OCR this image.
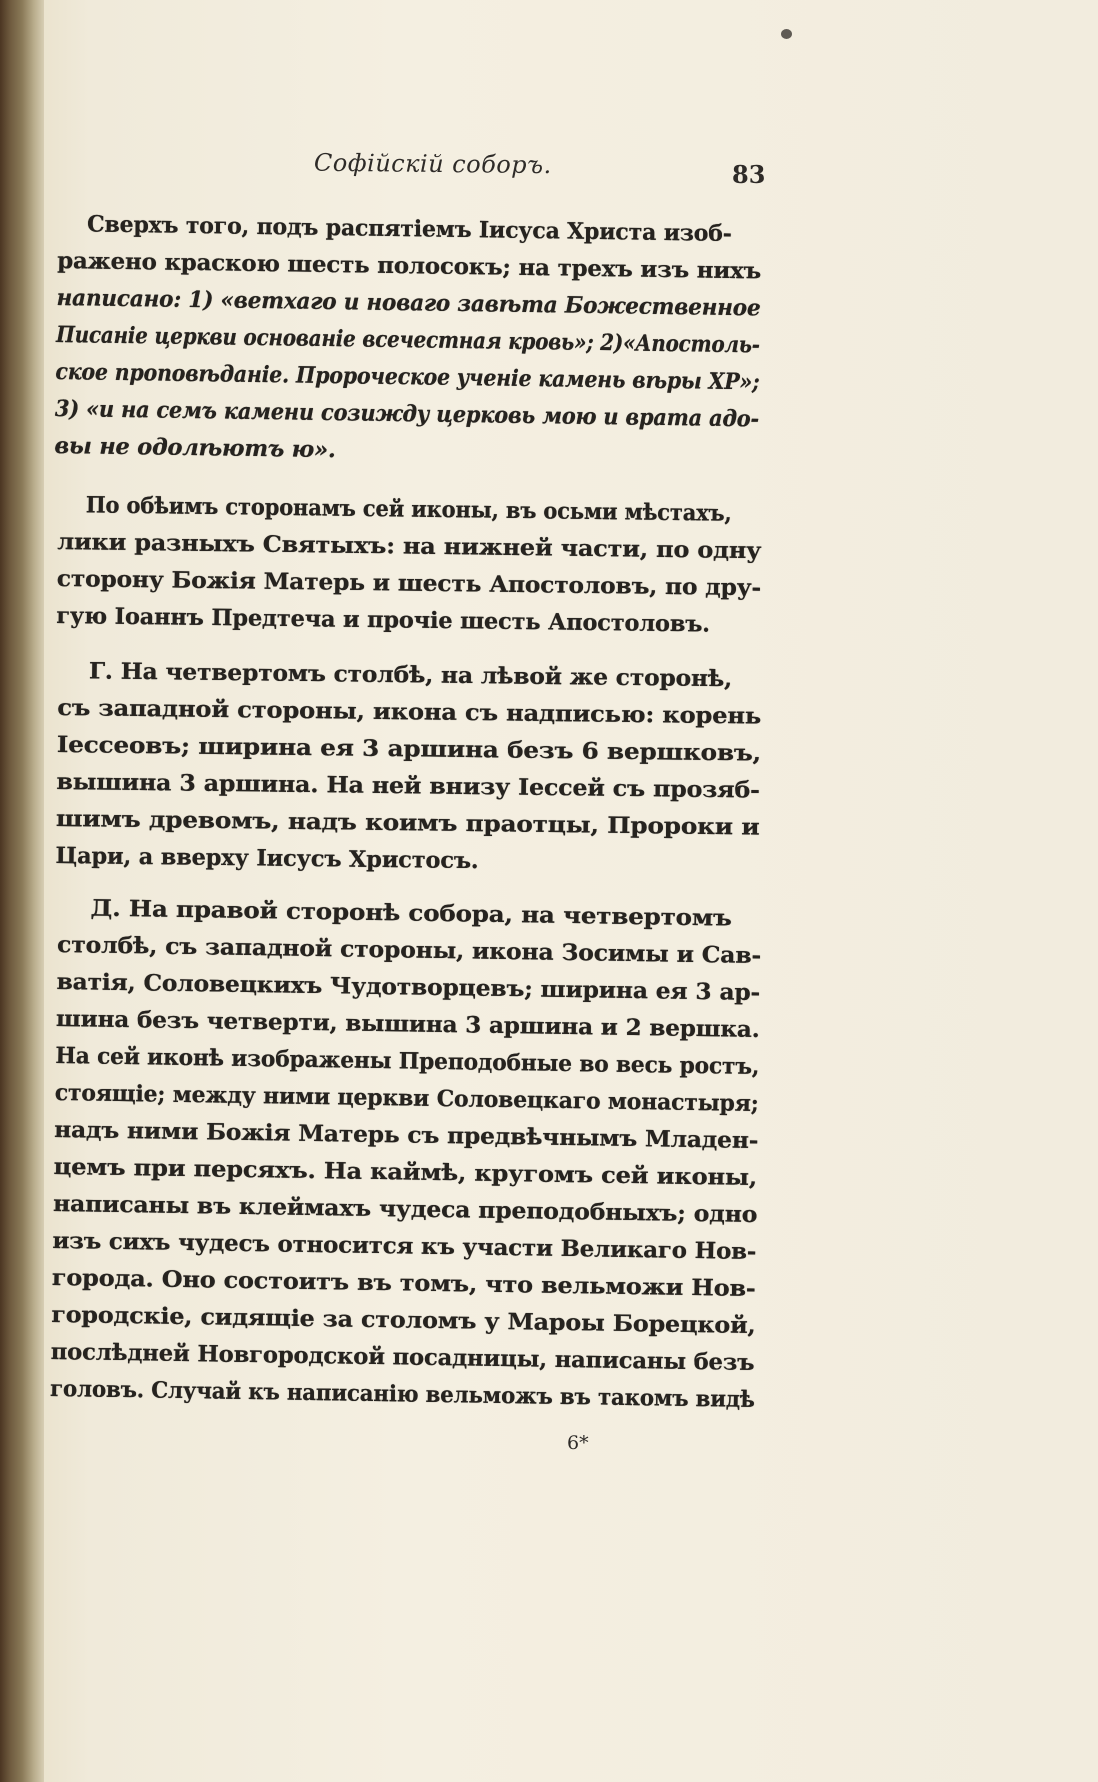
Софійскій соборъ.	83
Сверхъ того, подъ распятіемъ Іисуса Христа изоб-
ражено краскою шесть полосокъ; на трехъ изъ нихъ
написано: 1) «ветхаго и новаго завѣта Божественное
Писаніе церкви основаніе всечестная кровь»; 2)«Апостоль-
ское проповѣданіе. Пророческое ученіе камень вѣры ХР»;
3) «и на семъ камени созижду церковь мою и врата адо-
вы не одолѣютъ ю».
По обѣимъ сторонамъ сей иконы, въ осьми мѣстахъ,
лики разныхъ Святыхъ: на нижней части, по одну
сторону Божія Матерь и шесть Апостоловъ, по дру-
гую Іоаннъ Предтеча и прочіе шесть Апостоловъ.
Г. На четвертомъ столбѣ, на лѣвой же сторонѣ,
съ западной стороны, икона съ надписью: корень
Іессеовъ; ширина ея 3 аршина безъ 6 вершковъ,
вышина 3 аршина. На ней внизу Іессей съ прозяб-
шимъ древомъ, надъ коимъ праотцы, Пророки и
Цари, а вверху Іисусъ Христосъ.
Д. На правой сторонѣ собора, на четвертомъ
столбѣ, съ западной стороны, икона Зосимы и Сав-
ватія, Соловецкихъ Чудотворцевъ; ширина ея 3 ар-
шина безъ четверти, вышина 3 аршина и 2 вершка.
На сей иконѣ изображены Преподобные во весь ростъ,
стоящіе; между ними церкви Соловецкаго монастыря;
надъ ними Божія Матерь съ предвѣчнымъ Младен-
цемъ при персяхъ. На каймѣ, кругомъ сей иконы,
написаны въ клеймахъ чудеса преподобныхъ; одно
изъ сихъ чудесъ относится къ участи Великаго Нов-
города. Оно состоитъ въ томъ, что вельможи Нов-
городскіе, сидящіе за столомъ у Мароы Борецкой,
послѣдней Новгородской посадницы, написаны безъ
головъ. Случай къ написанію вельможъ въ такомъ видѣ
6*
